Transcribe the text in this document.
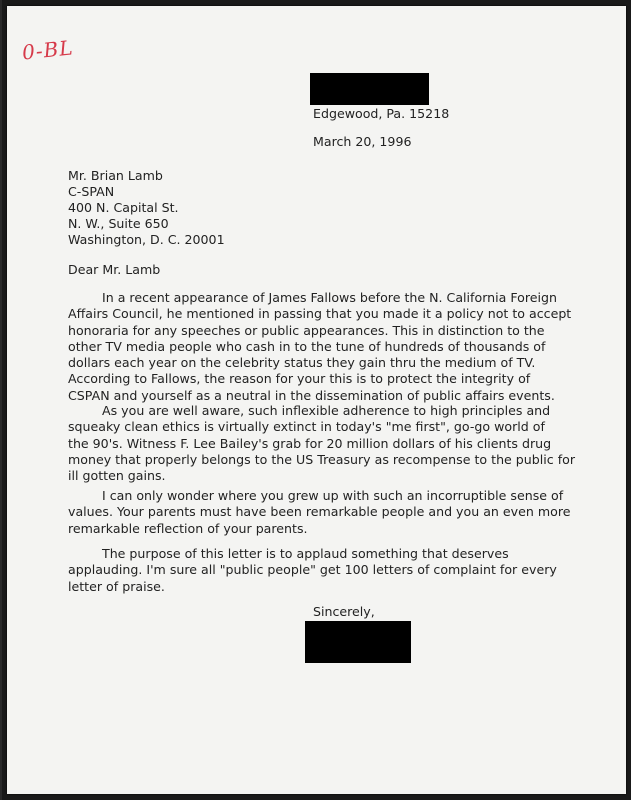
0-BL
Edgewood, Pa. 15218
March 20, 1996
Mr. Brian Lamb
C-SPAN
400 N. Capital St.
N. W., Suite 650
Washington, D. C. 20001
Dear Mr. Lamb
In a recent appearance of James Fallows before the N. California Foreign
Affairs Council, he mentioned in passing that you made it a policy not to accept
honoraria for any speeches or public appearances. This in distinction to the
other TV media people who cash in to the tune of hundreds of thousands of
dollars each year on the celebrity status they gain thru the medium of TV.
According to Fallows, the reason for your this is to protect the integrity of
CSPAN and yourself as a neutral in the dissemination of public affairs events.
As you are well aware, such inflexible adherence to high principles and
squeaky clean ethics is virtually extinct in today's "me first", go-go world of
the 90's. Witness F. Lee Bailey's grab for 20 million dollars of his clients drug
money that properly belongs to the US Treasury as recompense to the public for
ill gotten gains.
I can only wonder where you grew up with such an incorruptible sense of
values. Your parents must have been remarkable people and you an even more
remarkable reflection of your parents.
The purpose of this letter is to applaud something that deserves
applauding. I'm sure all "public people" get 100 letters of complaint for every
letter of praise.
Sincerely,
